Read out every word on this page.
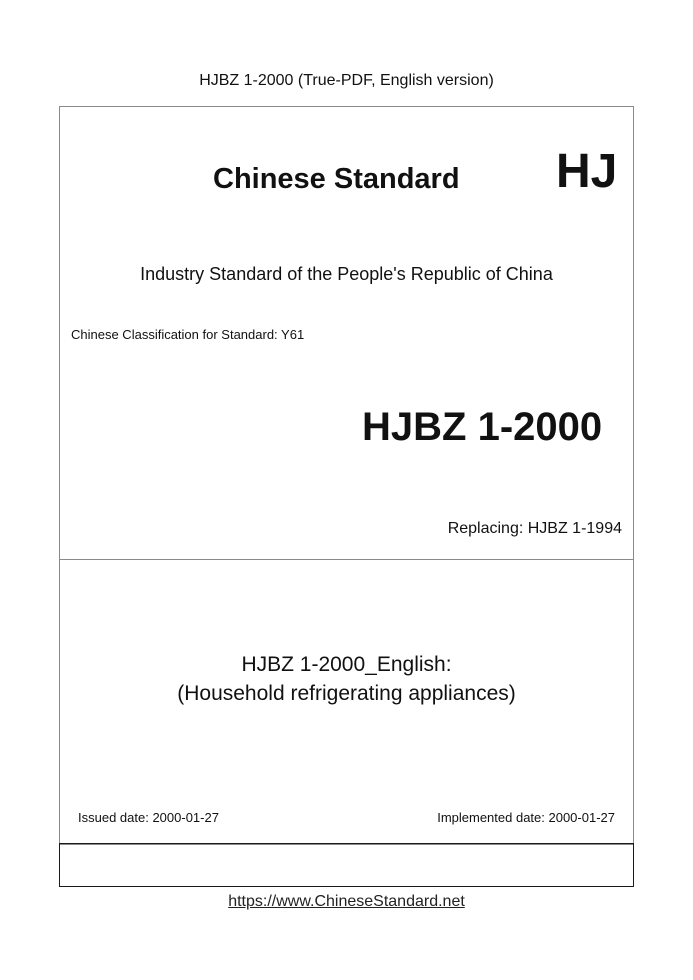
HJBZ 1-2000 (True-PDF, English version)
Chinese Standard HJ
Industry Standard of the People's Republic of China
Chinese Classification for Standard: Y61
HJBZ 1-2000
Replacing: HJBZ 1-1994
HJBZ 1-2000_English:
(Household refrigerating appliances)
Issued date: 2000-01-27	Implemented date: 2000-01-27
https://www.ChineseStandard.net
